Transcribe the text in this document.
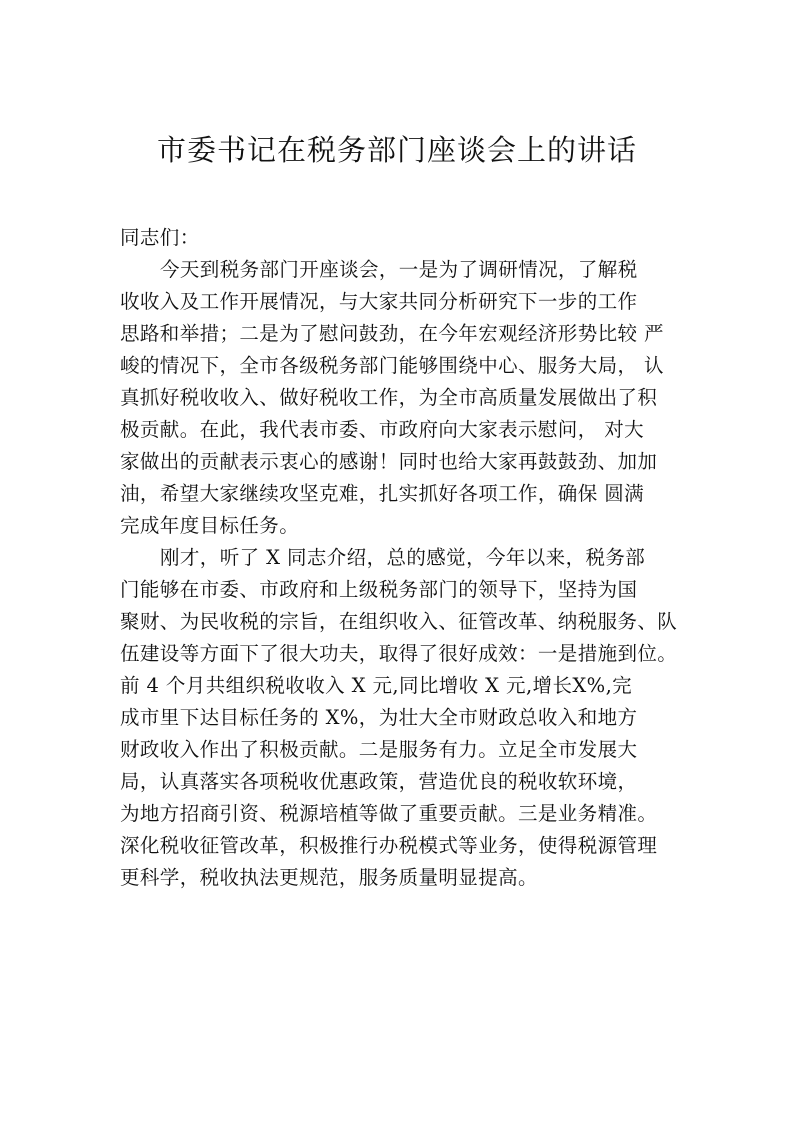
市委书记在税务部门座谈会上的讲话
同志们：
今天到税务部门开座谈会，一是为了调研情况，了解税
收收入及工作开展情况，与大家共同分析研究下一步的工作
思路和举措；二是为了慰问鼓劲，在今年宏观经济形势比较 严
峻的情况下，全市各级税务部门能够围绕中心、服务大局， 认
真抓好税收收入、做好税收工作，为全市高质量发展做出了积
极贡献。在此，我代表市委、市政府向大家表示慰问， 对大
家做出的贡献表示衷心的感谢！同时也给大家再鼓鼓劲、加加
油，希望大家继续攻坚克难，扎实抓好各项工作，确保 圆满
完成年度目标任务。
刚才，听了 X 同志介绍，总的感觉，今年以来，税务部
门能够在市委、市政府和上级税务部门的领导下，坚持为国
聚财、为民收税的宗旨，在组织收入、征管改革、纳税服务、队
伍建设等方面下了很大功夫，取得了很好成效：一是措施到位。
前 4 个月共组织税收收入 X 元,同比增收 X 元,增长X%,完
成市里下达目标任务的 X%，为壮大全市财政总收入和地方
财政收入作出了积极贡献。二是服务有力。立足全市发展大
局，认真落实各项税收优惠政策，营造优良的税收软环境，
为地方招商引资、税源培植等做了重要贡献。三是业务精准。
深化税收征管改革，积极推行办税模式等业务，使得税源管理
更科学，税收执法更规范，服务质量明显提高。
